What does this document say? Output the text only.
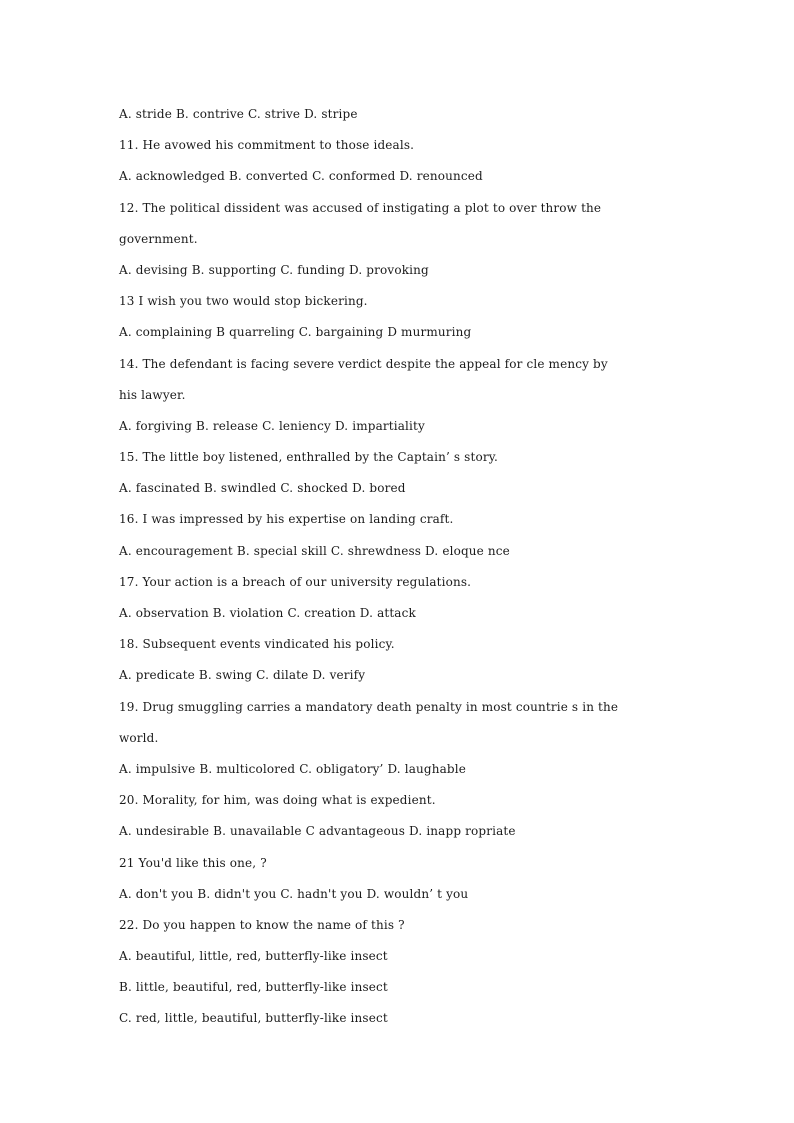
A. stride B. contrive C. strive D. stripe
11. He avowed his commitment to those ideals.
A. acknowledged B. converted C. conformed D. renounced
12. The political dissident was accused of instigating a plot to over throw the
government.
A. devising B. supporting C. funding D. provoking
13 I wish you two would stop bickering.
A. complaining B quarreling C. bargaining D murmuring
14. The defendant is facing severe verdict despite the appeal for cle mency by
his lawyer.
A. forgiving B. release C. leniency D. impartiality
15. The little boy listened, enthralled by the Captain’ s story.
A. fascinated B. swindled C. shocked D. bored
16. I was impressed by his expertise on landing craft.
A. encouragement B. special skill C. shrewdness D. eloque nce
17. Your action is a breach of our university regulations.
A. observation B. violation C. creation D. attack
18. Subsequent events vindicated his policy.
A. predicate B. swing C. dilate D. verify
19. Drug smuggling carries a mandatory death penalty in most countrie s in the
world.
A. impulsive B. multicolored C. obligatory’ D. laughable
20. Morality, for him, was doing what is expedient.
A. undesirable B. unavailable C advantageous D. inapp ropriate
21 You'd like this one, ?
A. don't you B. didn't you C. hadn't you D. wouldn’ t you
22. Do you happen to know the name of this ?
A. beautiful, little, red, butterfly-like insect
B. little, beautiful, red, butterfly-like insect
C. red, little, beautiful, butterfly-like insect
